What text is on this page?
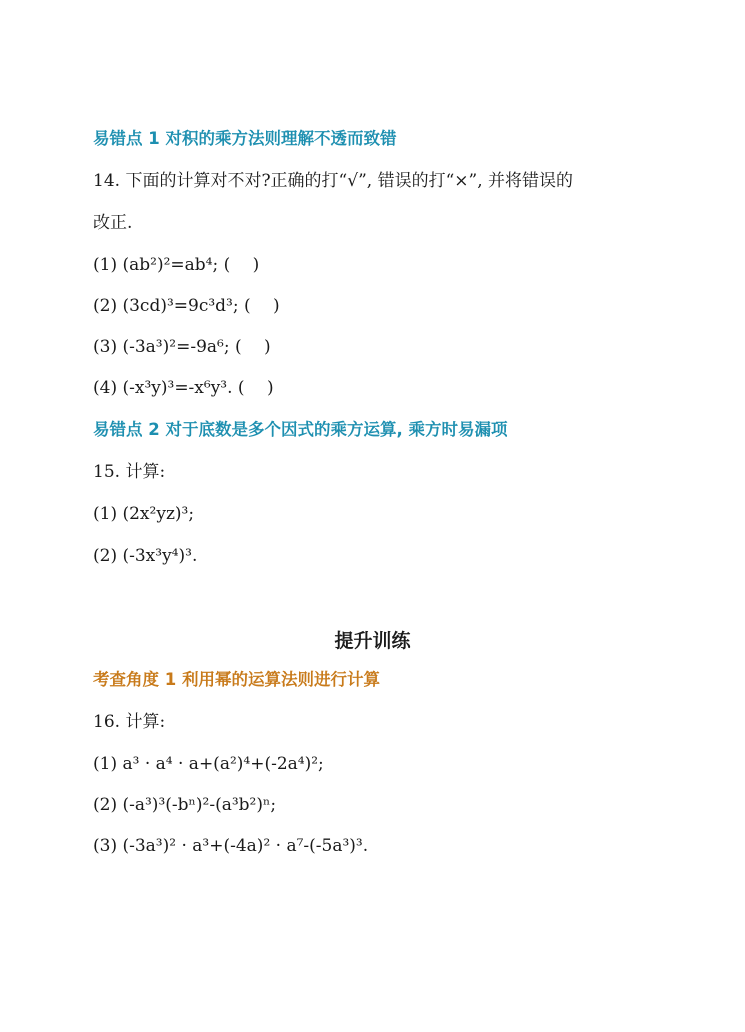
易错点 1 对积的乘方法则理解不透而致错
14. 下面的计算对不对?正确的打“√”, 错误的打“×”, 并将错误的
改正.
(1) (ab²)²=ab⁴; (　 )
(2) (3cd)³=9c³d³; (　 )
(3) (-3a³)²=-9a⁶; (　 )
(4) (-x³y)³=-x⁶y³. (　 )
易错点 2 对于底数是多个因式的乘方运算, 乘方时易漏项
15. 计算:
(1) (2x²yz)³;
(2) (-3x³y⁴)³.
提升训练
考查角度 1 利用幂的运算法则进行计算
16. 计算:
(1) a³ · a⁴ · a+(a²)⁴+(-2a⁴)²;
(2) (-a³)³(-bⁿ)²-(a³b²)ⁿ;
(3) (-3a³)² · a³+(-4a)² · a⁷-(-5a³)³.
